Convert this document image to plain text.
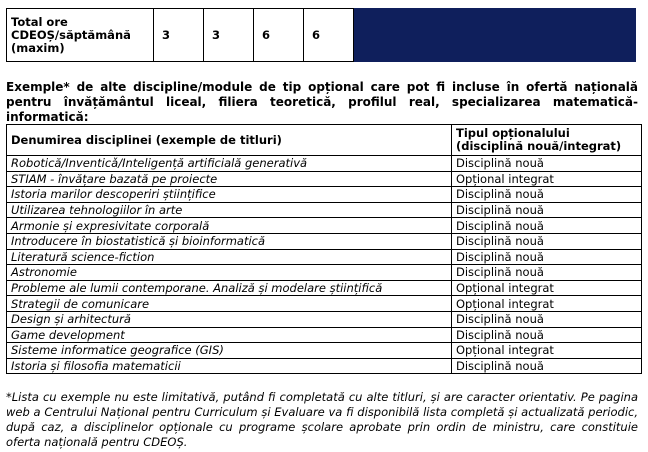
Total ore
CDEOȘ/săptămână
(maxim)	3	3	6	6	
Exemple* de alte discipline/module de tip opțional care pot fi incluse în ofertă națională pentru învățământul liceal, filiera teoretică, profilul real, specializarea matematică-informatică:
Denumirea disciplinei (exemple de titluri)	Tipul opționalului
(disciplină nouă/integrat)
Robotică/Inventicǎ/Inteligență artificială generativă	Disciplină nouă
STIAM - învățare bazată pe proiecte	Opțional integrat
Istoria marilor descoperiri științifice	Disciplină nouă
Utilizarea tehnologiilor în arte	Disciplină nouă
Armonie și expresivitate corporală	Disciplină nouă
Introducere în biostatistică și bioinformatică	Disciplină nouă
Literatură science-fiction	Disciplină nouă
Astronomie	Disciplină nouă
Probleme ale lumii contemporane. Analiză și modelare științifică	Opțional integrat
Strategii de comunicare	Opțional integrat
Design și arhitectură	Disciplină nouă
Game development	Disciplină nouă
Sisteme informatice geografice (GIS)	Opțional integrat
Istoria și filosofia matematicii	Disciplină nouă
*Lista cu exemple nu este limitativă, putând fi completată cu alte titluri, și are caracter orientativ. Pe pagina web a Centrului Național pentru Curriculum și Evaluare va fi disponibilă lista completă și actualizată periodic, după caz, a disciplinelor opționale cu programe școlare aprobate prin ordin de ministru, care constituie oferta națională pentru CDEOȘ.
